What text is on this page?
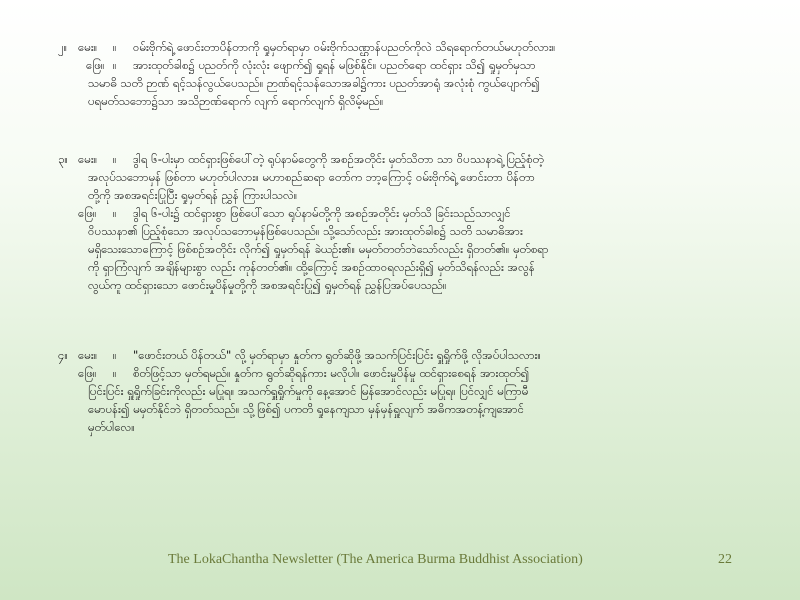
၂။ မေး။	။	ဝမ်းဗိုက်ရဲ့ ဖောင်းတာပိန်တာကို ရှုမှတ်ရာမှာ ဝမ်းဗိုက်သဏ္ဌာန်ပညတ်ကိုလဲ သိရရောက်တယ်မဟုတ်လား။
ဖြေ။ ။	အားထုတ်ခါစ၌ ပညတ်ကို လုံးလုံး ဖျောက်၍ ရှုရန် မဖြစ်နိုင်။ ပညတ်ရော ထင်ရှား သိ၍ ရှုမှတ်မှသာ
သမာဓိ သတိ ဉာဏ် ရင့်သန်လွယ်ပေသည်။ ဉာဏ်ရင့်သန်သောအခါ၌ကား ပညတ်အာရုံ အလုံးစုံ ကွယ်ပျောက်၍
ပရမတ်သဘော၌သာ အသိဉာဏ်ရောက် လျက် ရောက်လျက် ရှိလိမ့်မည်။
၃။ မေး။	။	ဒွါရ ၆-ပါးမှာ ထင်ရှားဖြစ်ပေါ်တဲ့ ရုပ်နာမ်တွေကို အစဉ်အတိုင်း မှတ်သိတာ သာ ဝိပဿနာရဲ့ ပြည့်စုံတဲ့
အလုပ်သဘောမှန် ဖြစ်တာ မဟုတ်ပါလား။ မဟာစည်ဆရာ တော်က ဘာ့ကြောင့် ဝမ်းဗိုက်ရဲ့ ဖောင်းတာ ပိန်တာ
တို့ကို အစအရင်းပြုပြီး ရှုမှတ်ရန် ညွှန် ကြားပါသလဲ။
ဖြေ။	။	ဒွါရ ၆-ပါး၌ ထင်ရှားစွာ ဖြစ်ပေါ်သော ရုပ်နာမ်တို့ကို အစဉ်အတိုင်း မှတ်သိ ခြင်းသည်သာလျှင်
ဝိပဿနာ၏ ပြည့်စုံသော အလုပ်သဘောမှန်ဖြစ်ပေသည်။ သို့သော်လည်း အားထုတ်ခါစ၌ သတိ သမာဓိအား
မရှိသေးသောကြောင့် ဖြစ်စဉ်အတိုင်း လိုက်၍ ရှုမှတ်ရန် ခဲယဉ်း၏။ မမှတ်တတ်ဘဲသော်လည်း ရှိတတ်၏။ မှတ်စရာ
ကို ရှာကြံလျက် အချိန်များစွာ လည်း ကုန်တတ်၏။ ထို့ကြောင့် အစဉ်ထာဝရလည်းရှိ၍ မှတ်သိရန်လည်း အလွန်
လွယ်ကူ ထင်ရှားသော ဖောင်းမှုပိန်မှုတို့ကို အစအရင်းပြု၍ ရှုမှတ်ရန် ညွှန်ပြအပ်ပေသည်။
၄။ မေး။	။	"ဖောင်းတယ် ပိန်တယ်" လို့ မှတ်ရာမှာ နှုတ်က ရွတ်ဆိုဖို့ အသက်ပြင်းပြင်း ရှူရှိုက်ဖို့ လိုအပ်ပါသလား။
ဖြေ။	။	စိတ်ဖြင့်သာ မှတ်ရမည်။ နှုတ်က ရွတ်ဆိုရန်ကား မလိုပါ။ ဖောင်းမှုပိန်မှု ထင်ရှားစေရန် အားထုတ်၍
ပြင်းပြင်း ရှူရှိုက်ခြင်းကိုလည်း မပြုရ။ အသက်ရှူရှိုက်မှုကို နေ့အောင် မြန်အောင်လည်း မပြုရ။ ပြင်လျှင် မကြာမီ
မောပန်း၍ မမှတ်နိုင်ဘဲ ရှိတတ်သည်။ သို့ဖြစ်၍ ပကတိ ရှုနေကျသာ မှန်မှန်ရှူလျက် အဓိကအတန့်ကျအောင်
မှတ်ပါလေ။
The LokaChantha Newsletter (The America Burma Buddhist Association)	22
